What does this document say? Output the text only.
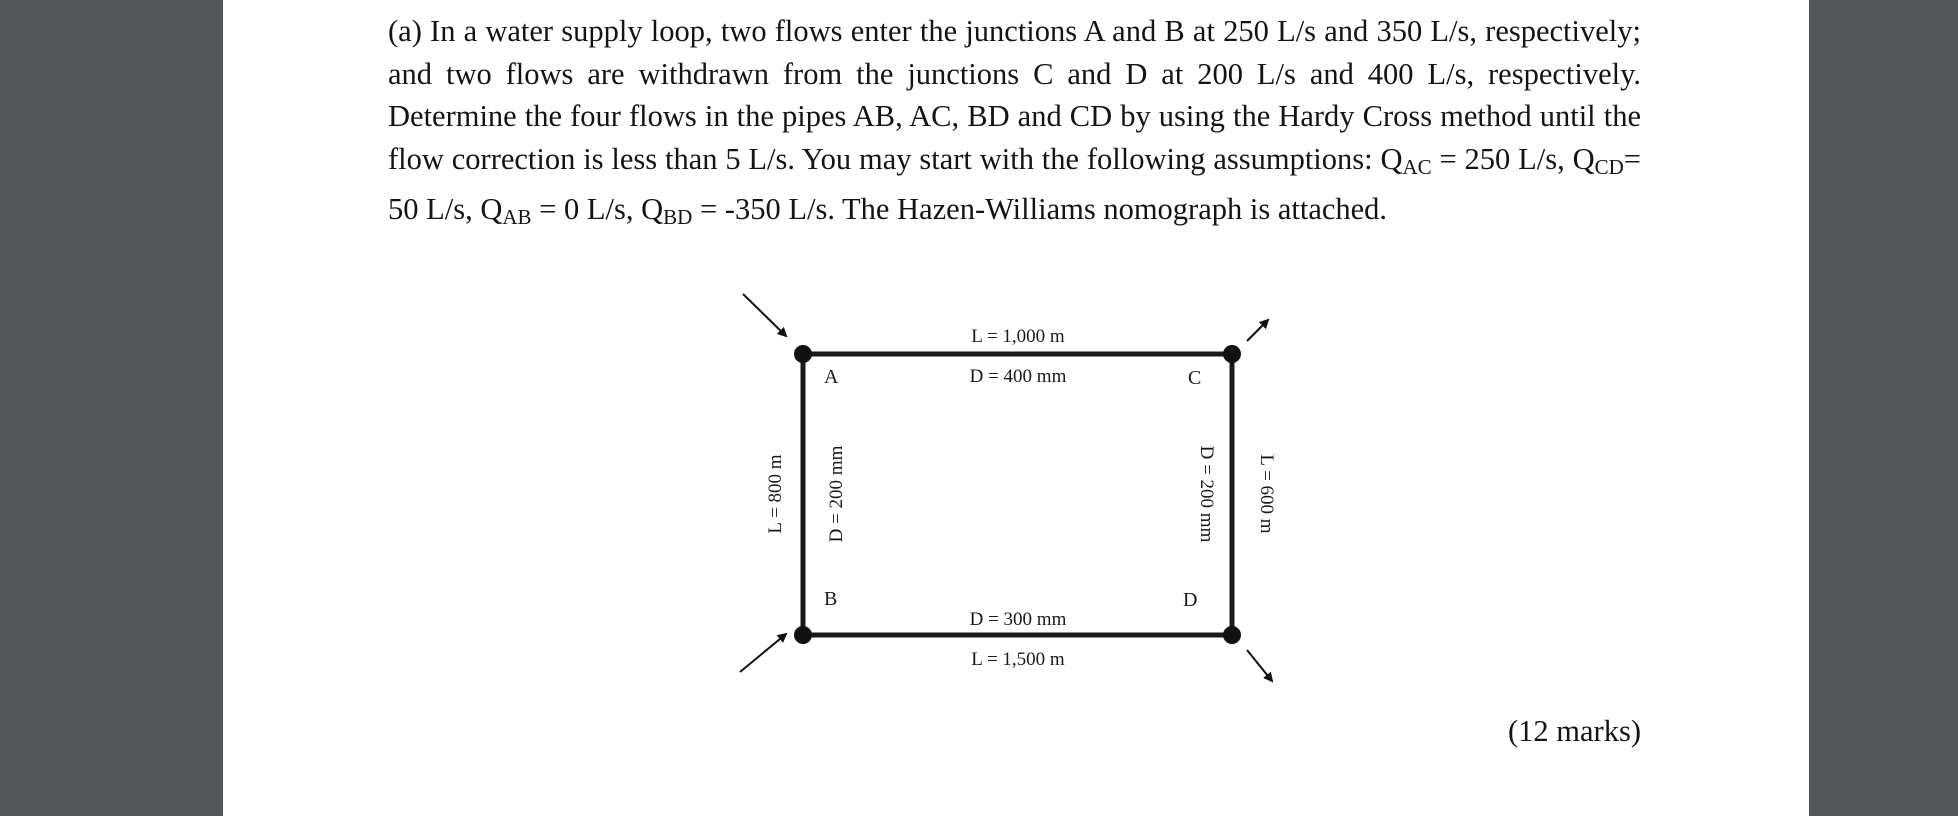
(a) In a water supply loop, two flows enter the junctions A and B at 250 L/s and 350 L/s, respectively; and two flows are withdrawn from the junctions C and D at 200 L/s and 400 L/s, respectively. Determine the four flows in the pipes AB, AC, BD and CD by using the Hardy Cross method until the flow correction is less than 5 L/s. You may start with the following assumptions: $Q_{AC} = 250$ L/s, $Q_{CD}= 50$ L/s, $Q_{AB} = 0$ L/s, $Q_{BD} = -350$ L/s. The Hazen-Williams nomograph is attached.
A	C
B	D
L = 1,000 m
D = 400 mm
D = 300 mm
L = 1,500 m
L = 800 m D = 200 mm	D = 200 mm L = 600 m
(12 marks)
